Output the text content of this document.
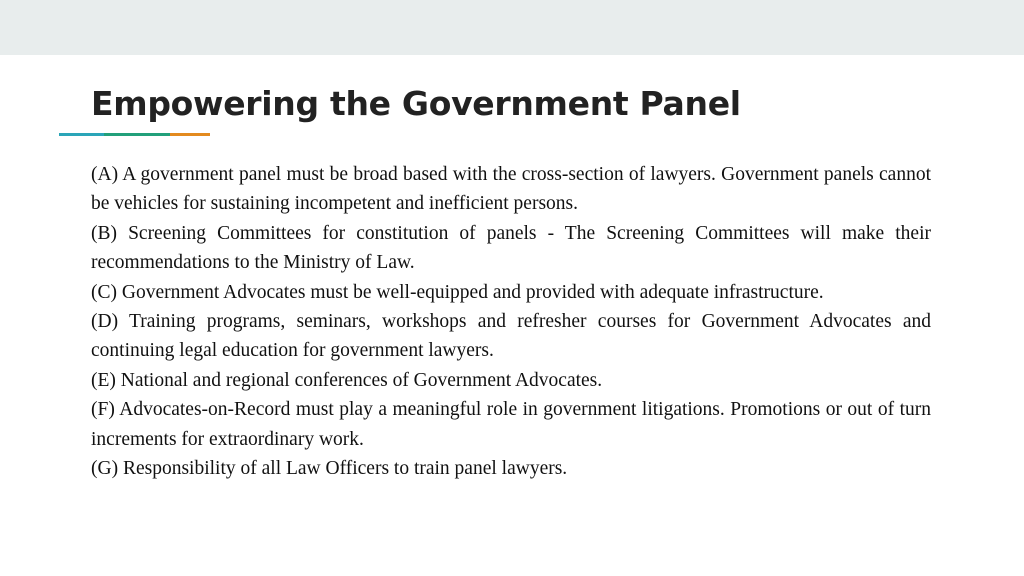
Empowering the Government Panel

(A) A government panel must be broad based with the cross-section of lawyers. Government panels cannot be vehicles for sustaining incompetent and inefficient persons.

(B) Screening Committees for constitution of panels - The Screening Committees will make their recommendations to the Ministry of Law.

(C) Government Advocates must be well-equipped and provided with adequate infrastructure.

(D) Training programs, seminars, workshops and refresher courses for Government Advocates and continuing legal education for government lawyers.

(E) National and regional conferences of Government Advocates.

(F) Advocates-on-Record must play a meaningful role in government litigations. Promotions or out of turn increments for extraordinary work.

(G) Responsibility of all Law Officers to train panel lawyers.
